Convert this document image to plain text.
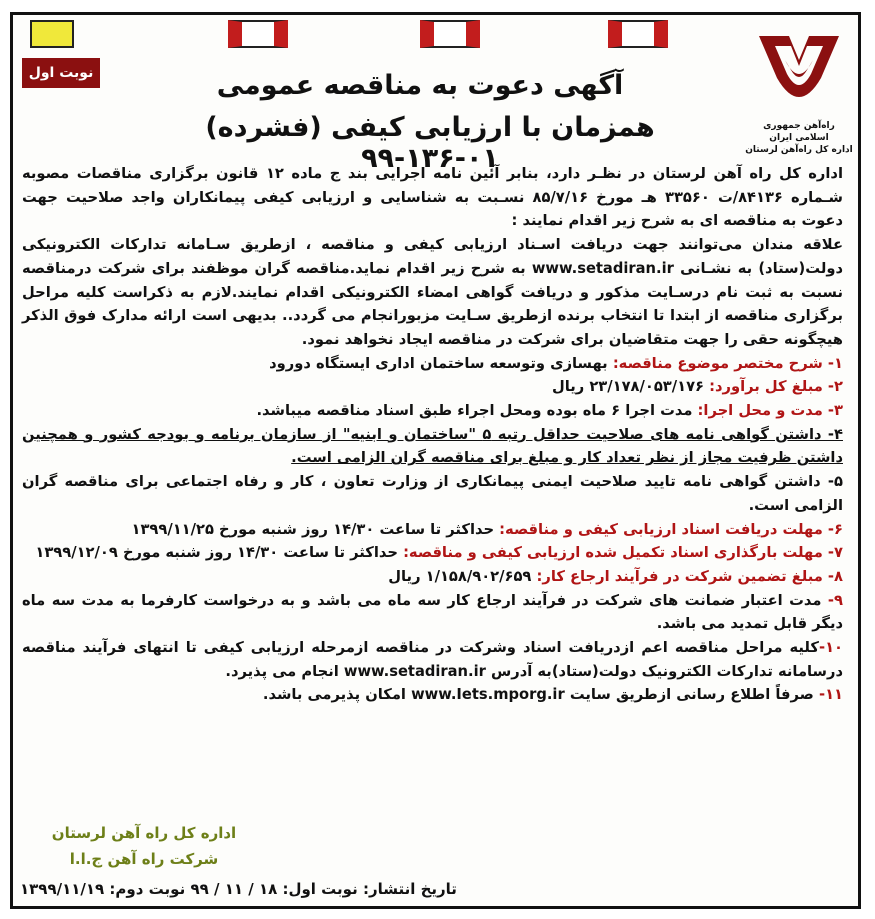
راه‌آهن جمهوری اسلامی ایران
اداره کل راه‌آهن لرستان
نوبت اول	آگهی دعوت به مناقصه عمومی
همزمان با ارزیابی کیفی (فشرده) ۰۱-۱۳۶-۹۹

اداره کل راه آهن لرستان در نظـر دارد، بنابر آئین نامه اجرایی بند ج ماده ۱۲ قانون برگزاری مناقصات مصوبه شـماره ۸۴۱۳۶/ت ۳۳۵۶۰ هـ مورخ ۸۵/۷/۱۶ نسـبت به شناسایی و ارزیابی کیفی پیمانکاران واجد صلاحیت جهت دعوت به مناقصه ای به شرح زیر اقدام نمایند :

علاقه مندان می‌توانند جهت دریافت اسـناد ارزیابی کیفی و مناقصه ، ازطریق سـامانه تدارکات الکترونیکی دولت(ستاد) به نشـانی www.setadiran.ir به شرح زیر اقدام نماید.مناقصه گران موظفند برای شرکت درمناقصه نسبت به ثبت نام درسـایت مذکور و دریافت گواهی امضاء الکترونیکی اقدام نمایند.لازم به ذکراست کلیه مراحل برگزاری مناقصه از ابتدا تا انتخاب برنده ازطریق سـایت مزبورانجام می گردد.. بدیهی است ارائه مدارک فوق الذکر هیچگونه حقی را جهت متقاضیان برای شرکت در مناقصه ایجاد نخواهد نمود.

۱- شرح مختصر موضوع مناقصه: بهسازی وتوسعه ساختمان اداری ایستگاه دورود

۲- مبلغ کل برآورد: ۲۳/۱۷۸/۰۵۳/۱۷۶ ریال

۳- مدت و محل اجرا: مدت اجرا ۶ ماه بوده ومحل اجراء طبق اسناد مناقصه میباشد.

۴- داشتن گواهی نامه های صلاحیت حداقل رتبه ۵ "ساختمان و ابنیه" از سازمان برنامه و بودجه کشور و همچنین داشتن ظرفیت مجاز از نظر تعداد کار و مبلغ برای مناقصه گران الزامی است.

۵- داشتن گواهی نامه تایید صلاحیت ایمنی پیمانکاری از وزارت تعاون ، کار و رفاه اجتماعی برای مناقصه گران الزامی است.

۶- مهلت دریافت اسناد ارزیابی کیفی و مناقصه: حداکثر تا ساعت ۱۴/۳۰ روز شنبه مورخ ۱۳۹۹/۱۱/۲۵

۷- مهلت بارگذاری اسناد تکمیل شده ارزیابی کیفی و مناقصه: حداکثر تا ساعت ۱۴/۳۰ روز شنبه مورخ ۱۳۹۹/۱۲/۰۹

۸- مبلغ تضمین شرکت در فرآیند ارجاع کار: ۱/۱۵۸/۹۰۲/۶۵۹ ریال

۹- مدت اعتبار ضمانت های شرکت در فرآیند ارجاع کار سه ماه می باشد و به درخواست کارفرما به مدت سه ماه دیگر قابل تمدید می باشد.

۱۰-کلیه مراحل مناقصه اعم ازدریافت اسناد وشرکت در مناقصه ازمرحله ارزیابی کیفی تا انتهای فرآیند مناقصه درسامانه تدارکات الکترونیک دولت(ستاد)به آدرس www.setadiran.ir انجام می پذیرد.

۱۱- صرفاً اطلاع رسانی ازطریق سایت www.Iets.mporg.ir امکان پذیرمی باشد.

اداره کل راه آهن لرستان
شرکت راه آهن ج.ا.ا
تاریخ انتشار: نوبت اول: ۱۸ / ۱۱ / ۹۹ نوبت دوم: ۱۳۹۹/۱۱/۱۹
